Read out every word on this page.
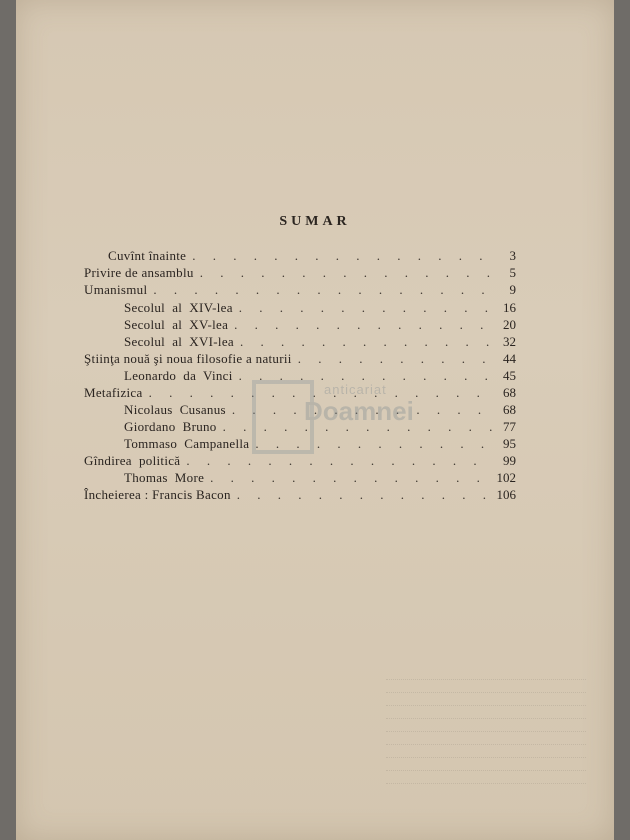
SUMAR
Cuvînt înainte . . .	3
Privire de ansamblu . . .	5
Umanismul . . .	9
Secolul  al  XIV-lea . . .	16
Secolul  al  XV-lea . . .	20
Secolul  al  XVI-lea . . .	32
Ştiinţa nouă şi noua filosofie a naturii . . .	44
Leonardo  da  Vinci . . .	45
Metafizica . . .	68
Nicolaus  Cusanus . . .	68
Giordano  Bruno . . .	77
Tommaso  Campanella . . .	95
Gîndirea  politică . . .	99
Thomas  More . . .	102
Încheierea : Francis Bacon . . .	106
anticariat
Doamnei
